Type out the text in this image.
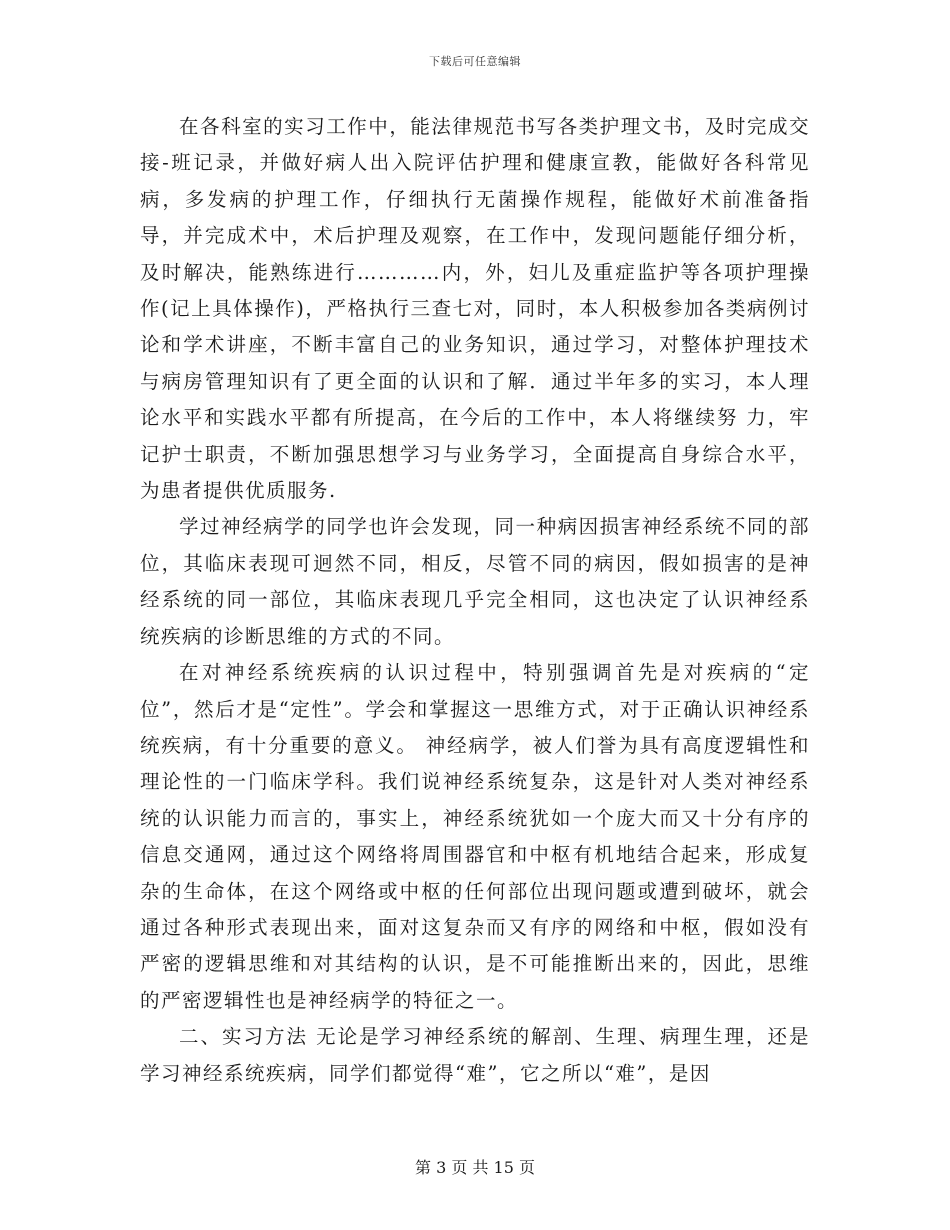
下载后可任意编辑

在各科室的实习工作中，能法律规范书写各类护理文书，及时完成交接-班记录，并做好病人出入院评估护理和健康宣教，能做好各科常见病，多发病的护理工作，仔细执行无菌操作规程，能做好术前准备指导，并完成术中，术后护理及观察，在工作中，发现问题能仔细分析，及时解决，能熟练进行…………内，外，妇儿及重症监护等各项护理操作(记上具体操作)，严格执行三查七对，同时，本人积极参加各类病例讨论和学术讲座，不断丰富自己的业务知识，通过学习，对整体护理技术与病房管理知识有了更全面的认识和了解．通过半年多的实习，本人理论水平和实践水平都有所提高，在今后的工作中，本人将继续努 力，牢记护士职责，不断加强思想学习与业务学习，全面提高自身综合水平，为患者提供优质服务.

学过神经病学的同学也许会发现，同一种病因损害神经系统不同的部位，其临床表现可迥然不同，相反，尽管不同的病因，假如损害的是神经系统的同一部位，其临床表现几乎完全相同，这也决定了认识神经系统疾病的诊断思维的方式的不同。

在对神经系统疾病的认识过程中，特别强调首先是对疾病的“定位”，然后才是“定性”。学会和掌握这一思维方式，对于正确认识神经系统疾病，有十分重要的意义。 神经病学，被人们誉为具有高度逻辑性和理论性的一门临床学科。我们说神经系统复杂，这是针对人类对神经系统的认识能力而言的，事实上，神经系统犹如一个庞大而又十分有序的信息交通网，通过这个网络将周围器官和中枢有机地结合起来，形成复杂的生命体，在这个网络或中枢的任何部位出现问题或遭到破坏，就会通过各种形式表现出来，面对这复杂而又有序的网络和中枢，假如没有严密的逻辑思维和对其结构的认识，是不可能推断出来的，因此，思维的严密逻辑性也是神经病学的特征之一。

二、实习方法 无论是学习神经系统的解剖、生理、病理生理，还是学习神经系统疾病，同学们都觉得“难”，它之所以“难”，是因

第 3 页 共 15 页
